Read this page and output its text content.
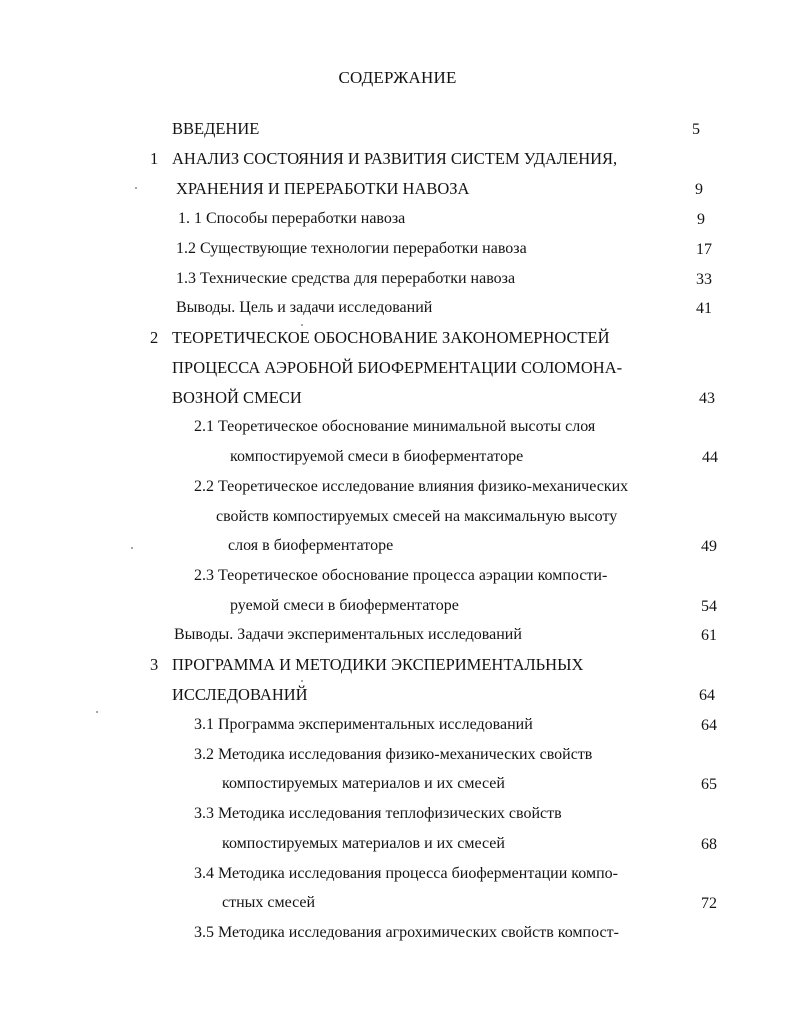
СОДЕРЖАНИЕ
ВВЕДЕНИЕ	5
1 АНАЛИЗ СОСТОЯНИЯ И РАЗВИТИЯ СИСТЕМ УДАЛЕНИЯ,
ХРАНЕНИЯ И ПЕРЕРАБОТКИ НАВОЗА	9
1. 1 Способы переработки навоза	9
1.2 Существующие технологии переработки навоза	17
1.3 Технические средства для переработки навоза	33
Выводы. Цель и задачи исследований	41
2 ТЕОРЕТИЧЕСКОЕ ОБОСНОВАНИЕ ЗАКОНОМЕРНОСТЕЙ
ПРОЦЕССА АЭРОБНОЙ БИОФЕРМЕНТАЦИИ СОЛОМОНА-
ВОЗНОЙ СМЕСИ	43
2.1 Теоретическое обоснование минимальной высоты слоя
компостируемой смеси в биоферментаторе	44
2.2 Теоретическое исследование влияния физико-механических
свойств компостируемых смесей на максимальную высоту
слоя в биоферментаторе	49
2.3 Теоретическое обоснование процесса аэрации компости-
руемой смеси в биоферментаторе	54
Выводы. Задачи экспериментальных исследований	61
3 ПРОГРАММА И МЕТОДИКИ ЭКСПЕРИМЕНТАЛЬНЫХ
ИССЛЕДОВАНИЙ	64
3.1 Программа экспериментальных исследований	64
3.2 Методика исследования физико-механических свойств
компостируемых материалов и их смесей	65
3.3 Методика исследования теплофизических свойств
компостируемых материалов и их смесей	68
3.4 Методика исследования процесса биоферментации компо-
стных смесей	72
3.5 Методика исследования агрохимических свойств компост-
